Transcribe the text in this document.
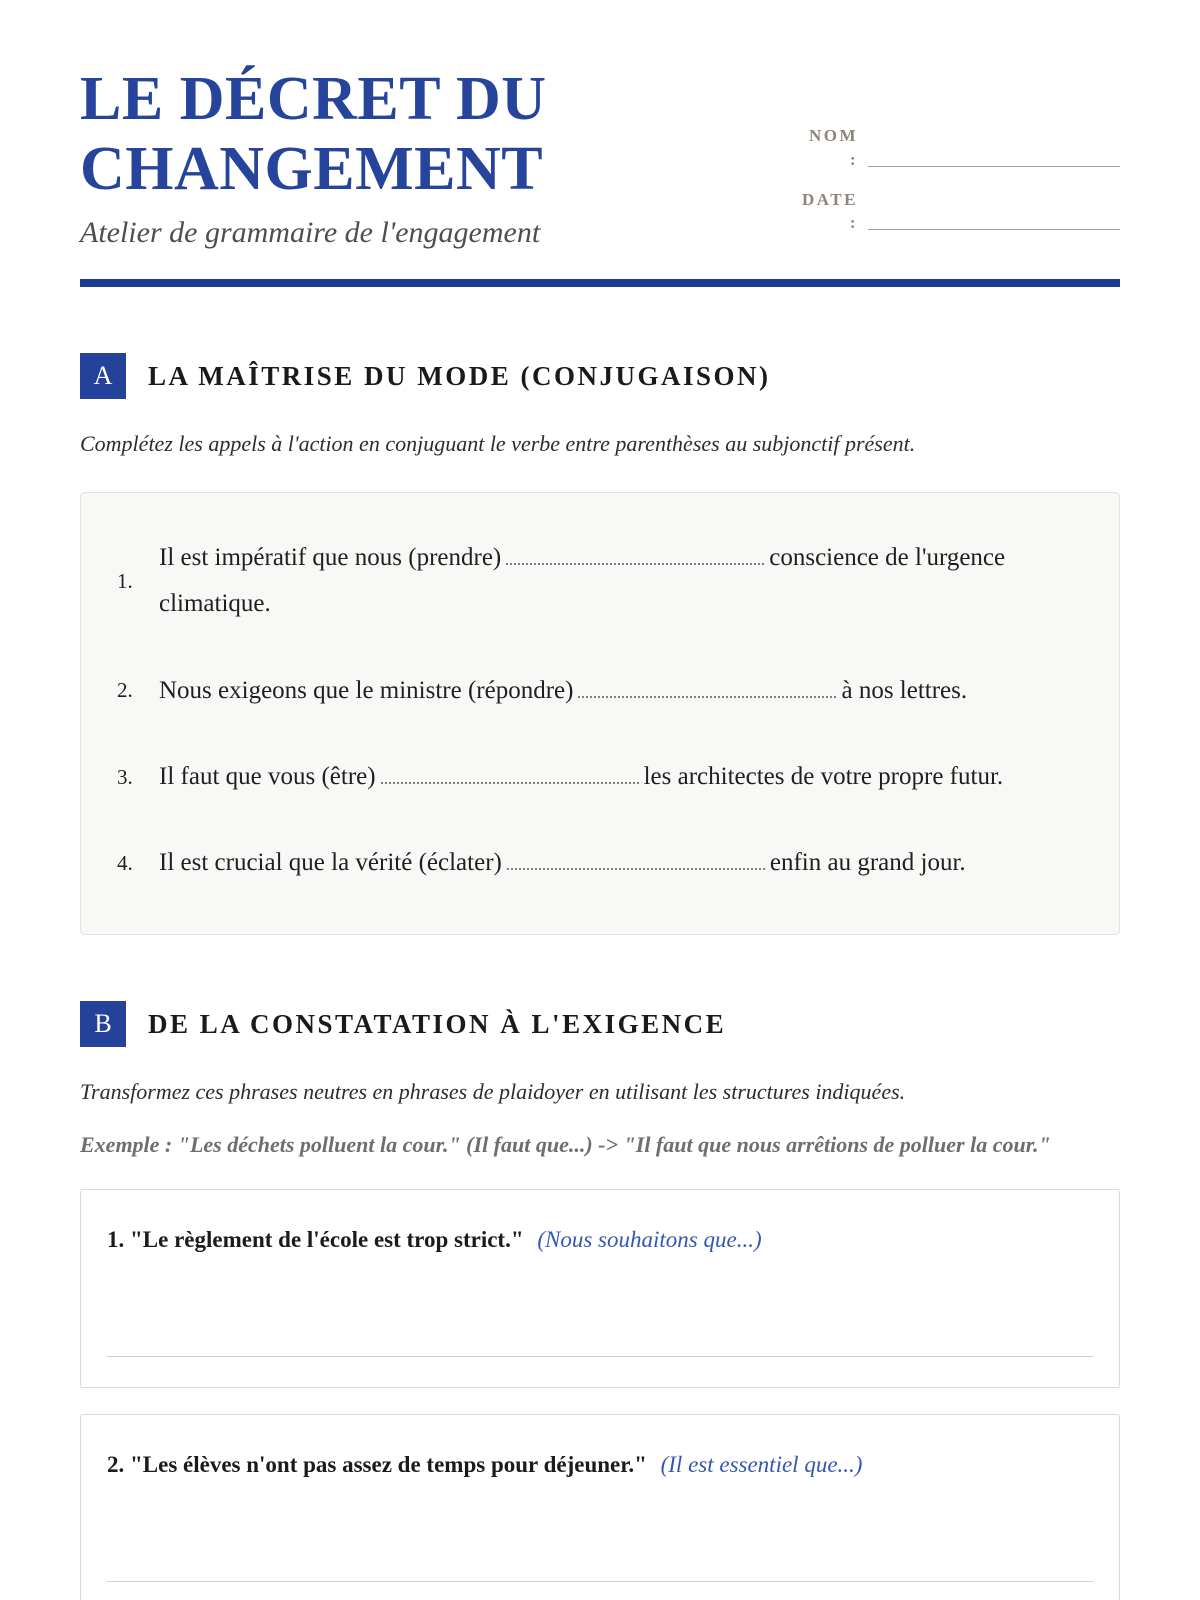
LE DÉCRET DU CHANGEMENT
Atelier de grammaire de l'engagement
NOM :
DATE :
A	LA MAÎTRISE DU MODE (CONJUGAISON)
Complétez les appels à l'action en conjuguant le verbe entre parenthèses au subjonctif présent.
1.
Il est impératif que nous (prendre)	conscience de l'urgence climatique.
2.	Nous exigeons que le ministre (répondre)	à nos lettres.
3.	Il faut que vous (être)	les architectes de votre propre futur.
4.	Il est crucial que la vérité (éclater)	enfin au grand jour.
B	DE LA CONSTATATION À L'EXIGENCE
Transformez ces phrases neutres en phrases de plaidoyer en utilisant les structures indiquées.
Exemple : "Les déchets polluent la cour." (Il faut que...) -> "Il faut que nous arrêtions de polluer la cour."
1. "Le règlement de l'école est trop strict." (Nous souhaitons que...)
2. "Les élèves n'ont pas assez de temps pour déjeuner." (Il est essentiel que...)
